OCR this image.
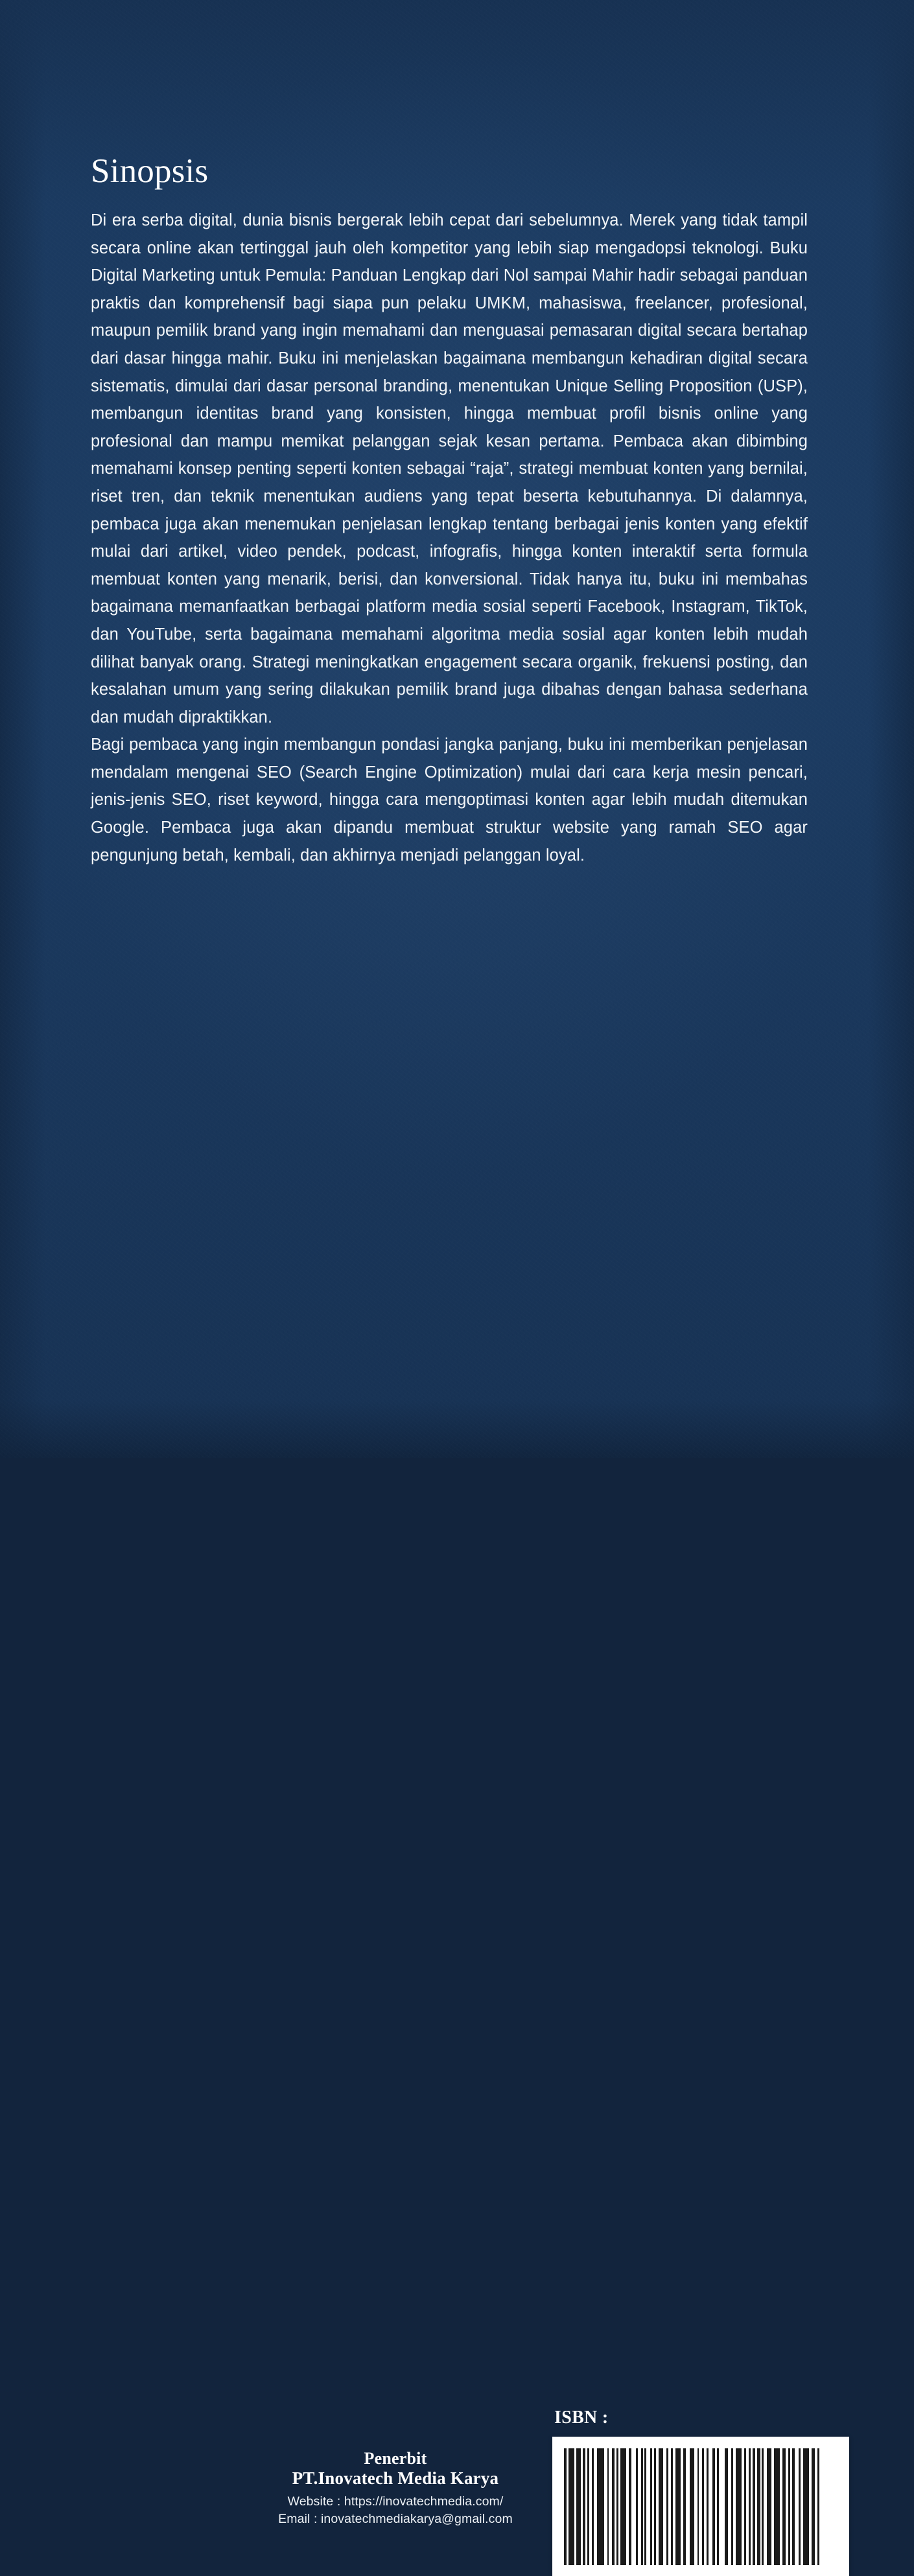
Sinopsis

Di era serba digital, dunia bisnis bergerak lebih cepat dari sebelumnya. Merek yang tidak tampil secara online akan tertinggal jauh oleh kompetitor yang lebih siap mengadopsi teknologi. Buku Digital Marketing untuk Pemula: Panduan Lengkap dari Nol sampai Mahir hadir sebagai panduan praktis dan komprehensif bagi siapa pun pelaku UMKM, mahasiswa, freelancer, profesional, maupun pemilik brand yang ingin memahami dan menguasai pemasaran digital secara bertahap dari dasar hingga mahir. Buku ini menjelaskan bagaimana membangun kehadiran digital secara sistematis, dimulai dari dasar personal branding, menentukan Unique Selling Proposition (USP), membangun identitas brand yang konsisten, hingga membuat profil bisnis online yang profesional dan mampu memikat pelanggan sejak kesan pertama. Pembaca akan dibimbing memahami konsep penting seperti konten sebagai “raja”, strategi membuat konten yang bernilai, riset tren, dan teknik menentukan audiens yang tepat beserta kebutuhannya. Di dalamnya, pembaca juga akan menemukan penjelasan lengkap tentang berbagai jenis konten yang efektif mulai dari artikel, video pendek, podcast, infografis, hingga konten interaktif serta formula membuat konten yang menarik, berisi, dan konversional. Tidak hanya itu, buku ini membahas bagaimana memanfaatkan berbagai platform media sosial seperti Facebook, Instagram, TikTok, dan YouTube, serta bagaimana memahami algoritma media sosial agar konten lebih mudah dilihat banyak orang. Strategi meningkatkan engagement secara organik, frekuensi posting, dan kesalahan umum yang sering dilakukan pemilik brand juga dibahas dengan bahasa sederhana dan mudah dipraktikkan.

Bagi pembaca yang ingin membangun pondasi jangka panjang, buku ini memberikan penjelasan mendalam mengenai SEO (Search Engine Optimization) mulai dari cara kerja mesin pencari, jenis-jenis SEO, riset keyword, hingga cara mengoptimasi konten agar lebih mudah ditemukan Google. Pembaca juga akan dipandu membuat struktur website yang ramah SEO agar pengunjung betah, kembali, dan akhirnya menjadi pelanggan loyal.

Penerbit
PT.Inovatech Media Karya
Website : https://inovatechmedia.com/
Email : inovatechmediakarya@gmail.com
ISBN :
